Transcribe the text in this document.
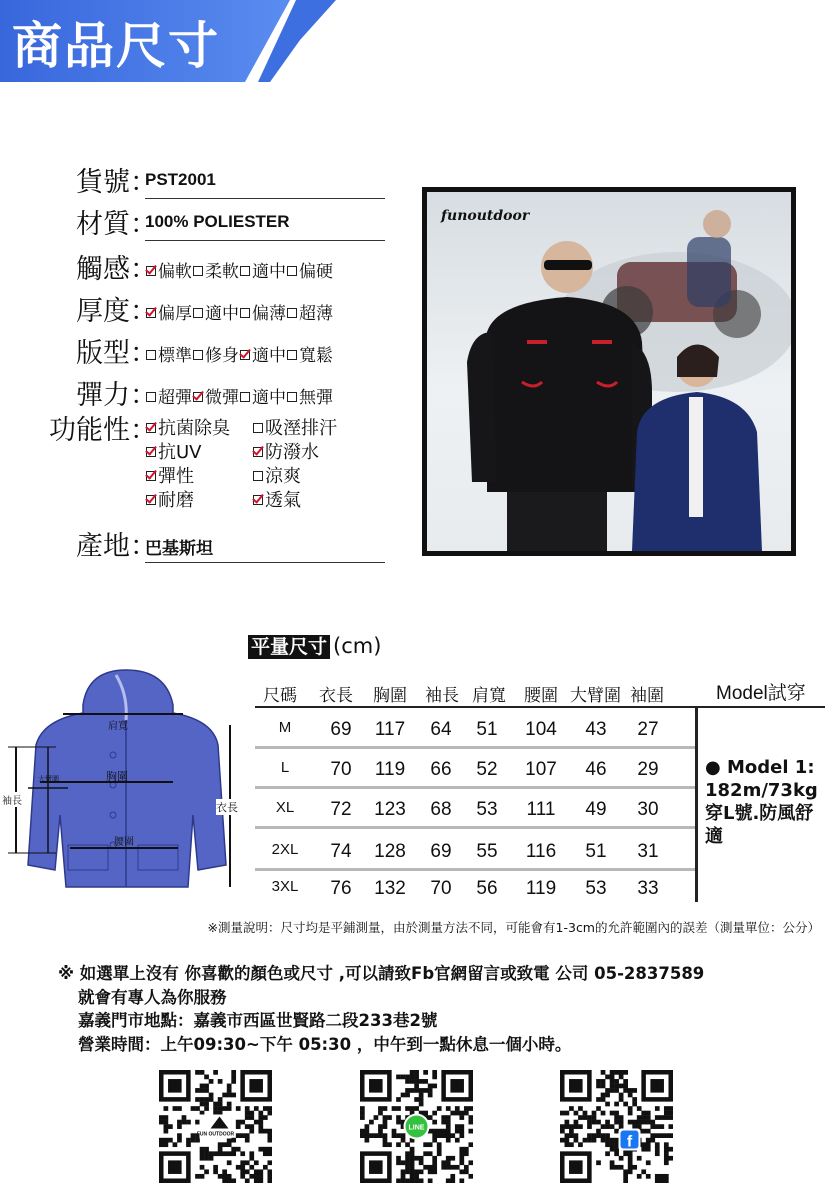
商品尺寸
貨號 ：
PST2001
材質 ：
100% POLIESTER
觸感 ： 偏軟 柔軟 適中 偏硬
厚度 ： 偏厚 適中 偏薄 超薄
版型 ： 標準 修身 適中 寬鬆
彈力 ： 超彈 微彈 適中 無彈
功能性 ： 抗菌除臭	吸溼排汗
抗UV	防潑水
彈性	涼爽
耐磨	透氣
產地 ：
巴基斯坦
funoutdoor
平量尺寸 (cm)
尺碼 衣長 胸圍 袖長 肩寬 腰圍 大臂圍 袖圍	Model試穿
● Model 1: 182m/73kg 穿L號.防風舒適
M	69	117	64	51	104	43	27
L	70	119	66	52	107	46	29
XL	72	123	68	53	111	49	30
2XL	74	128	69	55	116	51	31
3XL	76	132	70	56	119	53	33
※測量說明：尺寸均是平鋪測量，由於測量方法不同，可能會有1-3cm的允許範圍內的誤差（測量單位：公分）
肩寬
胸圍
大臂圍
袖長	衣長
腰圍
※ 如選單上沒有 你喜歡的顏色或尺寸 ,可以請致Fb官網留言或致電 公司 05-2837589
就會有專人為你服務
嘉義門市地點：嘉義市西區世賢路二段233巷2號
營業時間：上午09:30~下午 05:30 ，中午到一點休息一個小時。
FUN OUTDOOR
LINE
f
